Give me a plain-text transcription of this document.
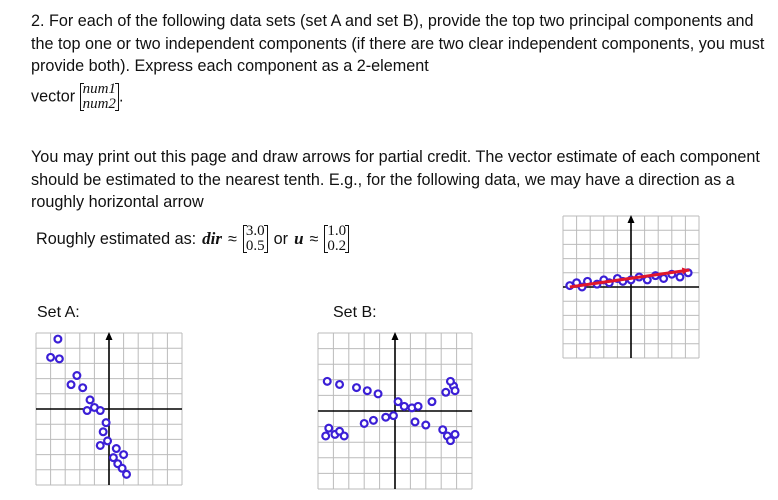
2. For each of the following data sets (set A and set B), provide the top two principal components and the top one or two independent components (if there are two clear independent components, you must provide both). Express each component as a 2-element
vector num1
num2 .
You may print out this page and draw arrows for partial credit. The vector estimate of each component should be estimated to the nearest tenth. E.g., for the following data, we may have a direction as a roughly horizontal arrow
Roughly estimated as: dir ≈ 3.0
0.5 or u ≈ 1.0
0.2
Set A:	Set B:
